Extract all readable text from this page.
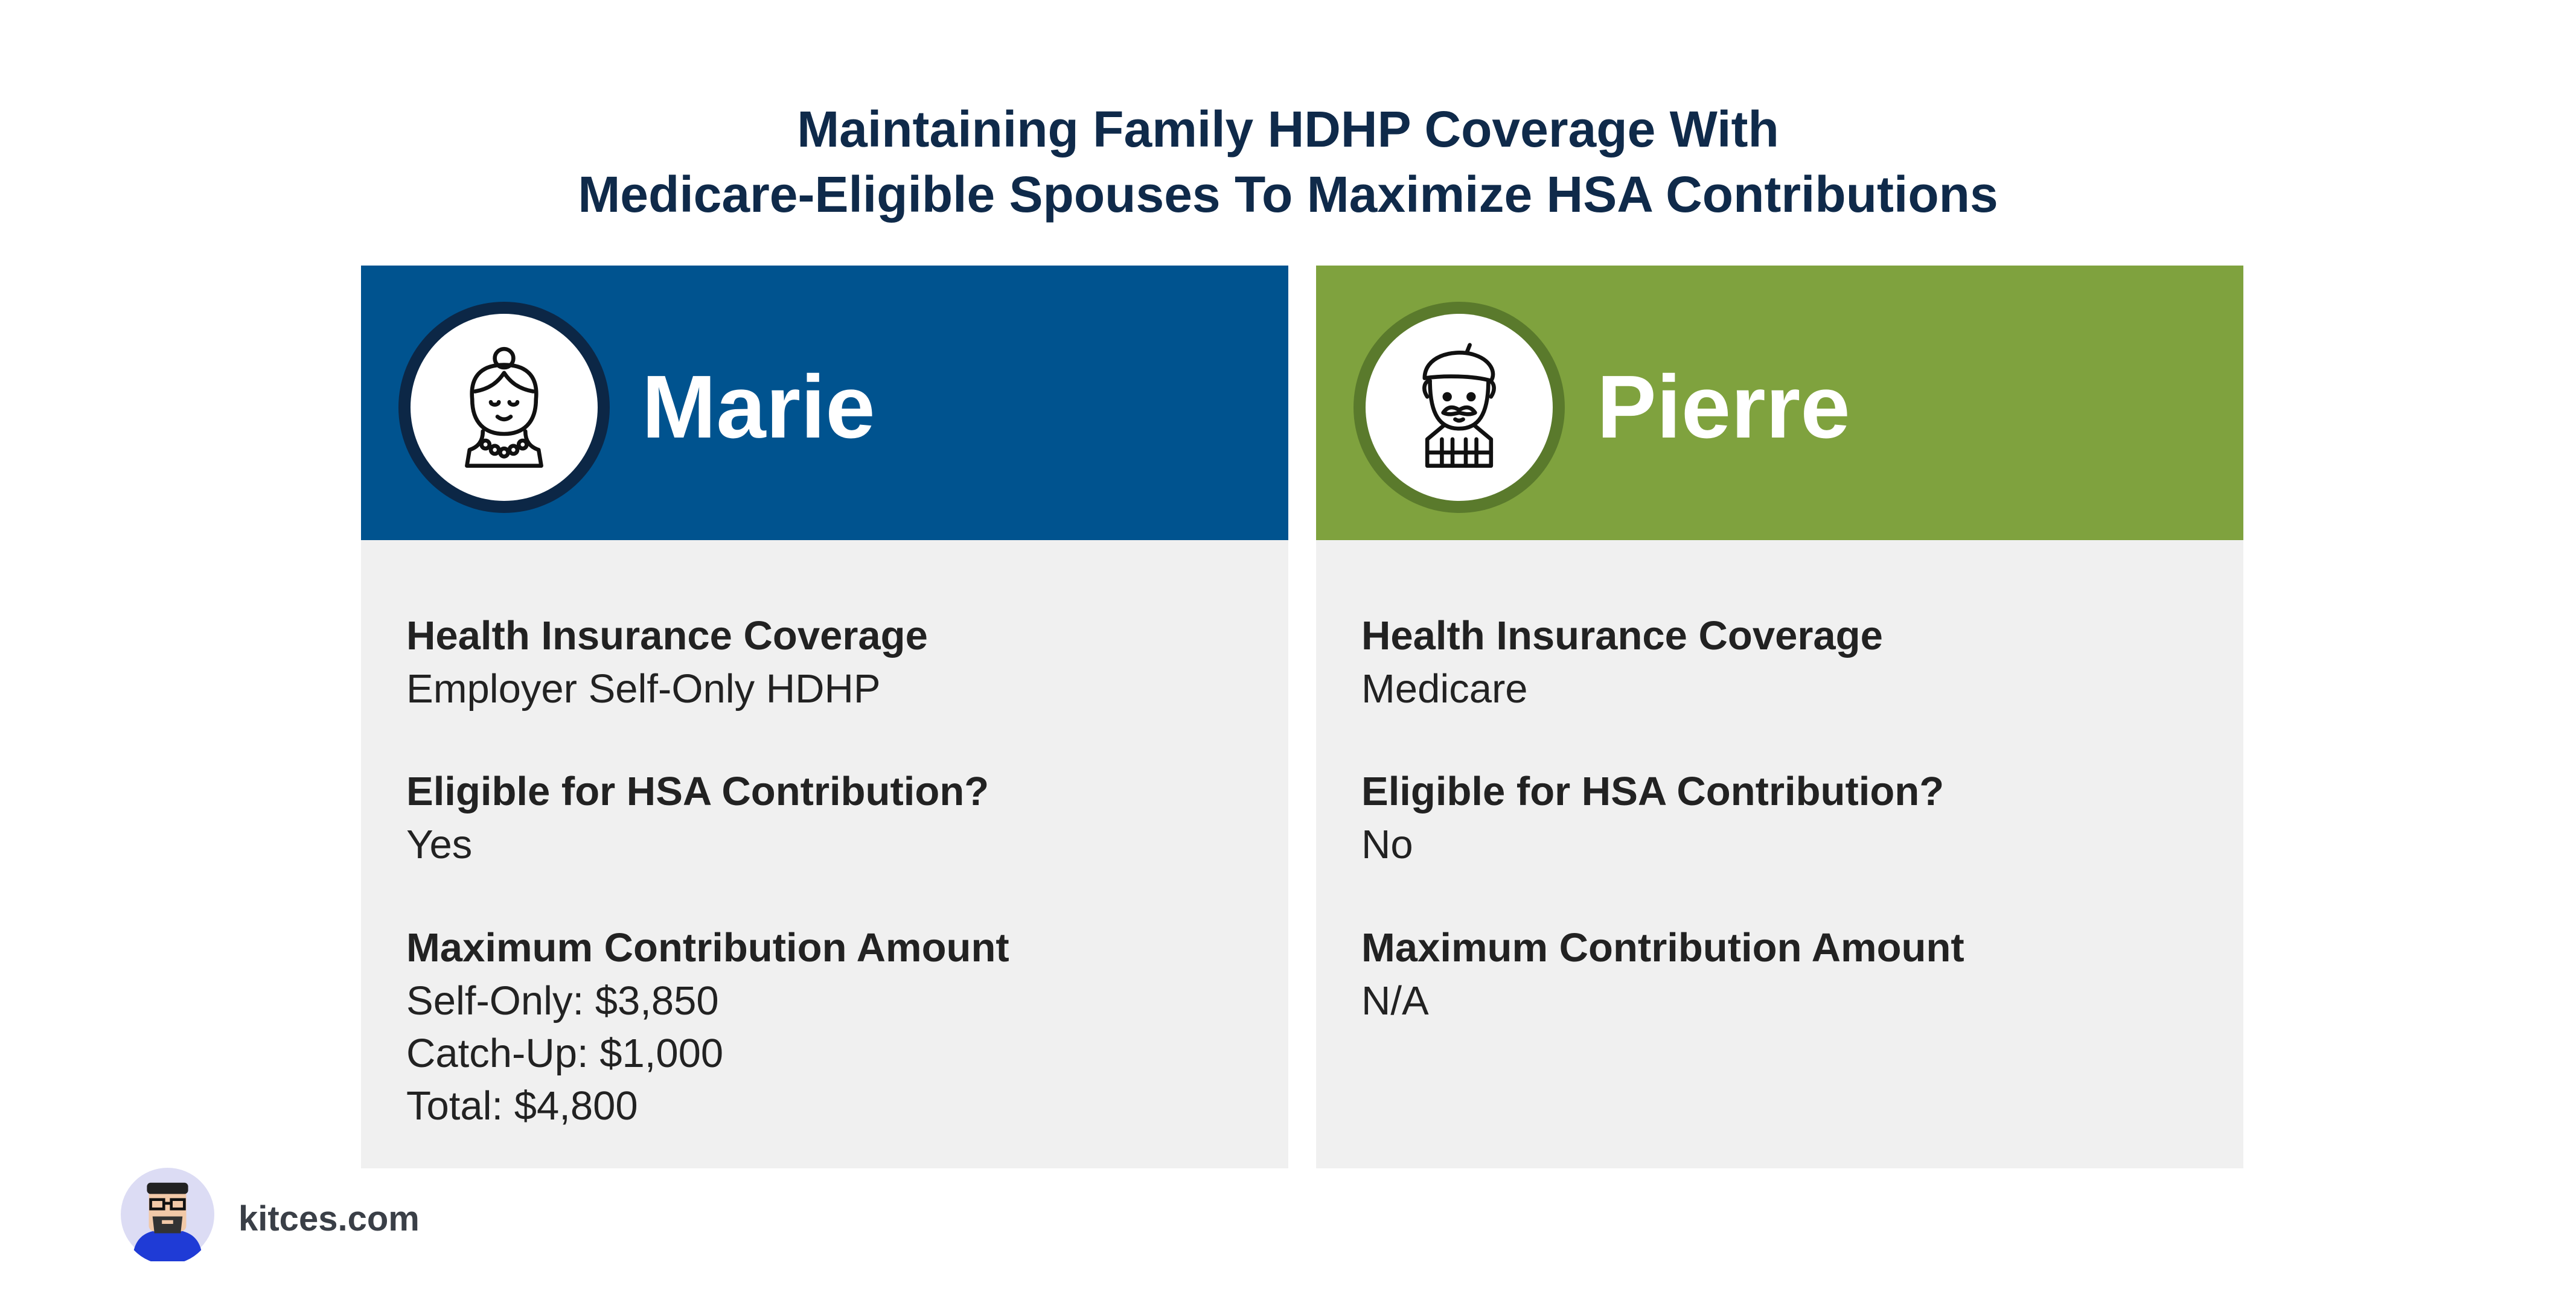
Maintaining Family HDHP Coverage With
Medicare-Eligible Spouses To Maximize HSA Contributions
Marie
Health Insurance Coverage
Employer Self-Only HDHP
Eligible for HSA Contribution?
Yes
Maximum Contribution Amount
Self-Only: $3,850
Catch-Up: $1,000
Total: $4,800
Pierre
Health Insurance Coverage
Medicare
Eligible for HSA Contribution?
No
Maximum Contribution Amount
N/A
kitces.com
